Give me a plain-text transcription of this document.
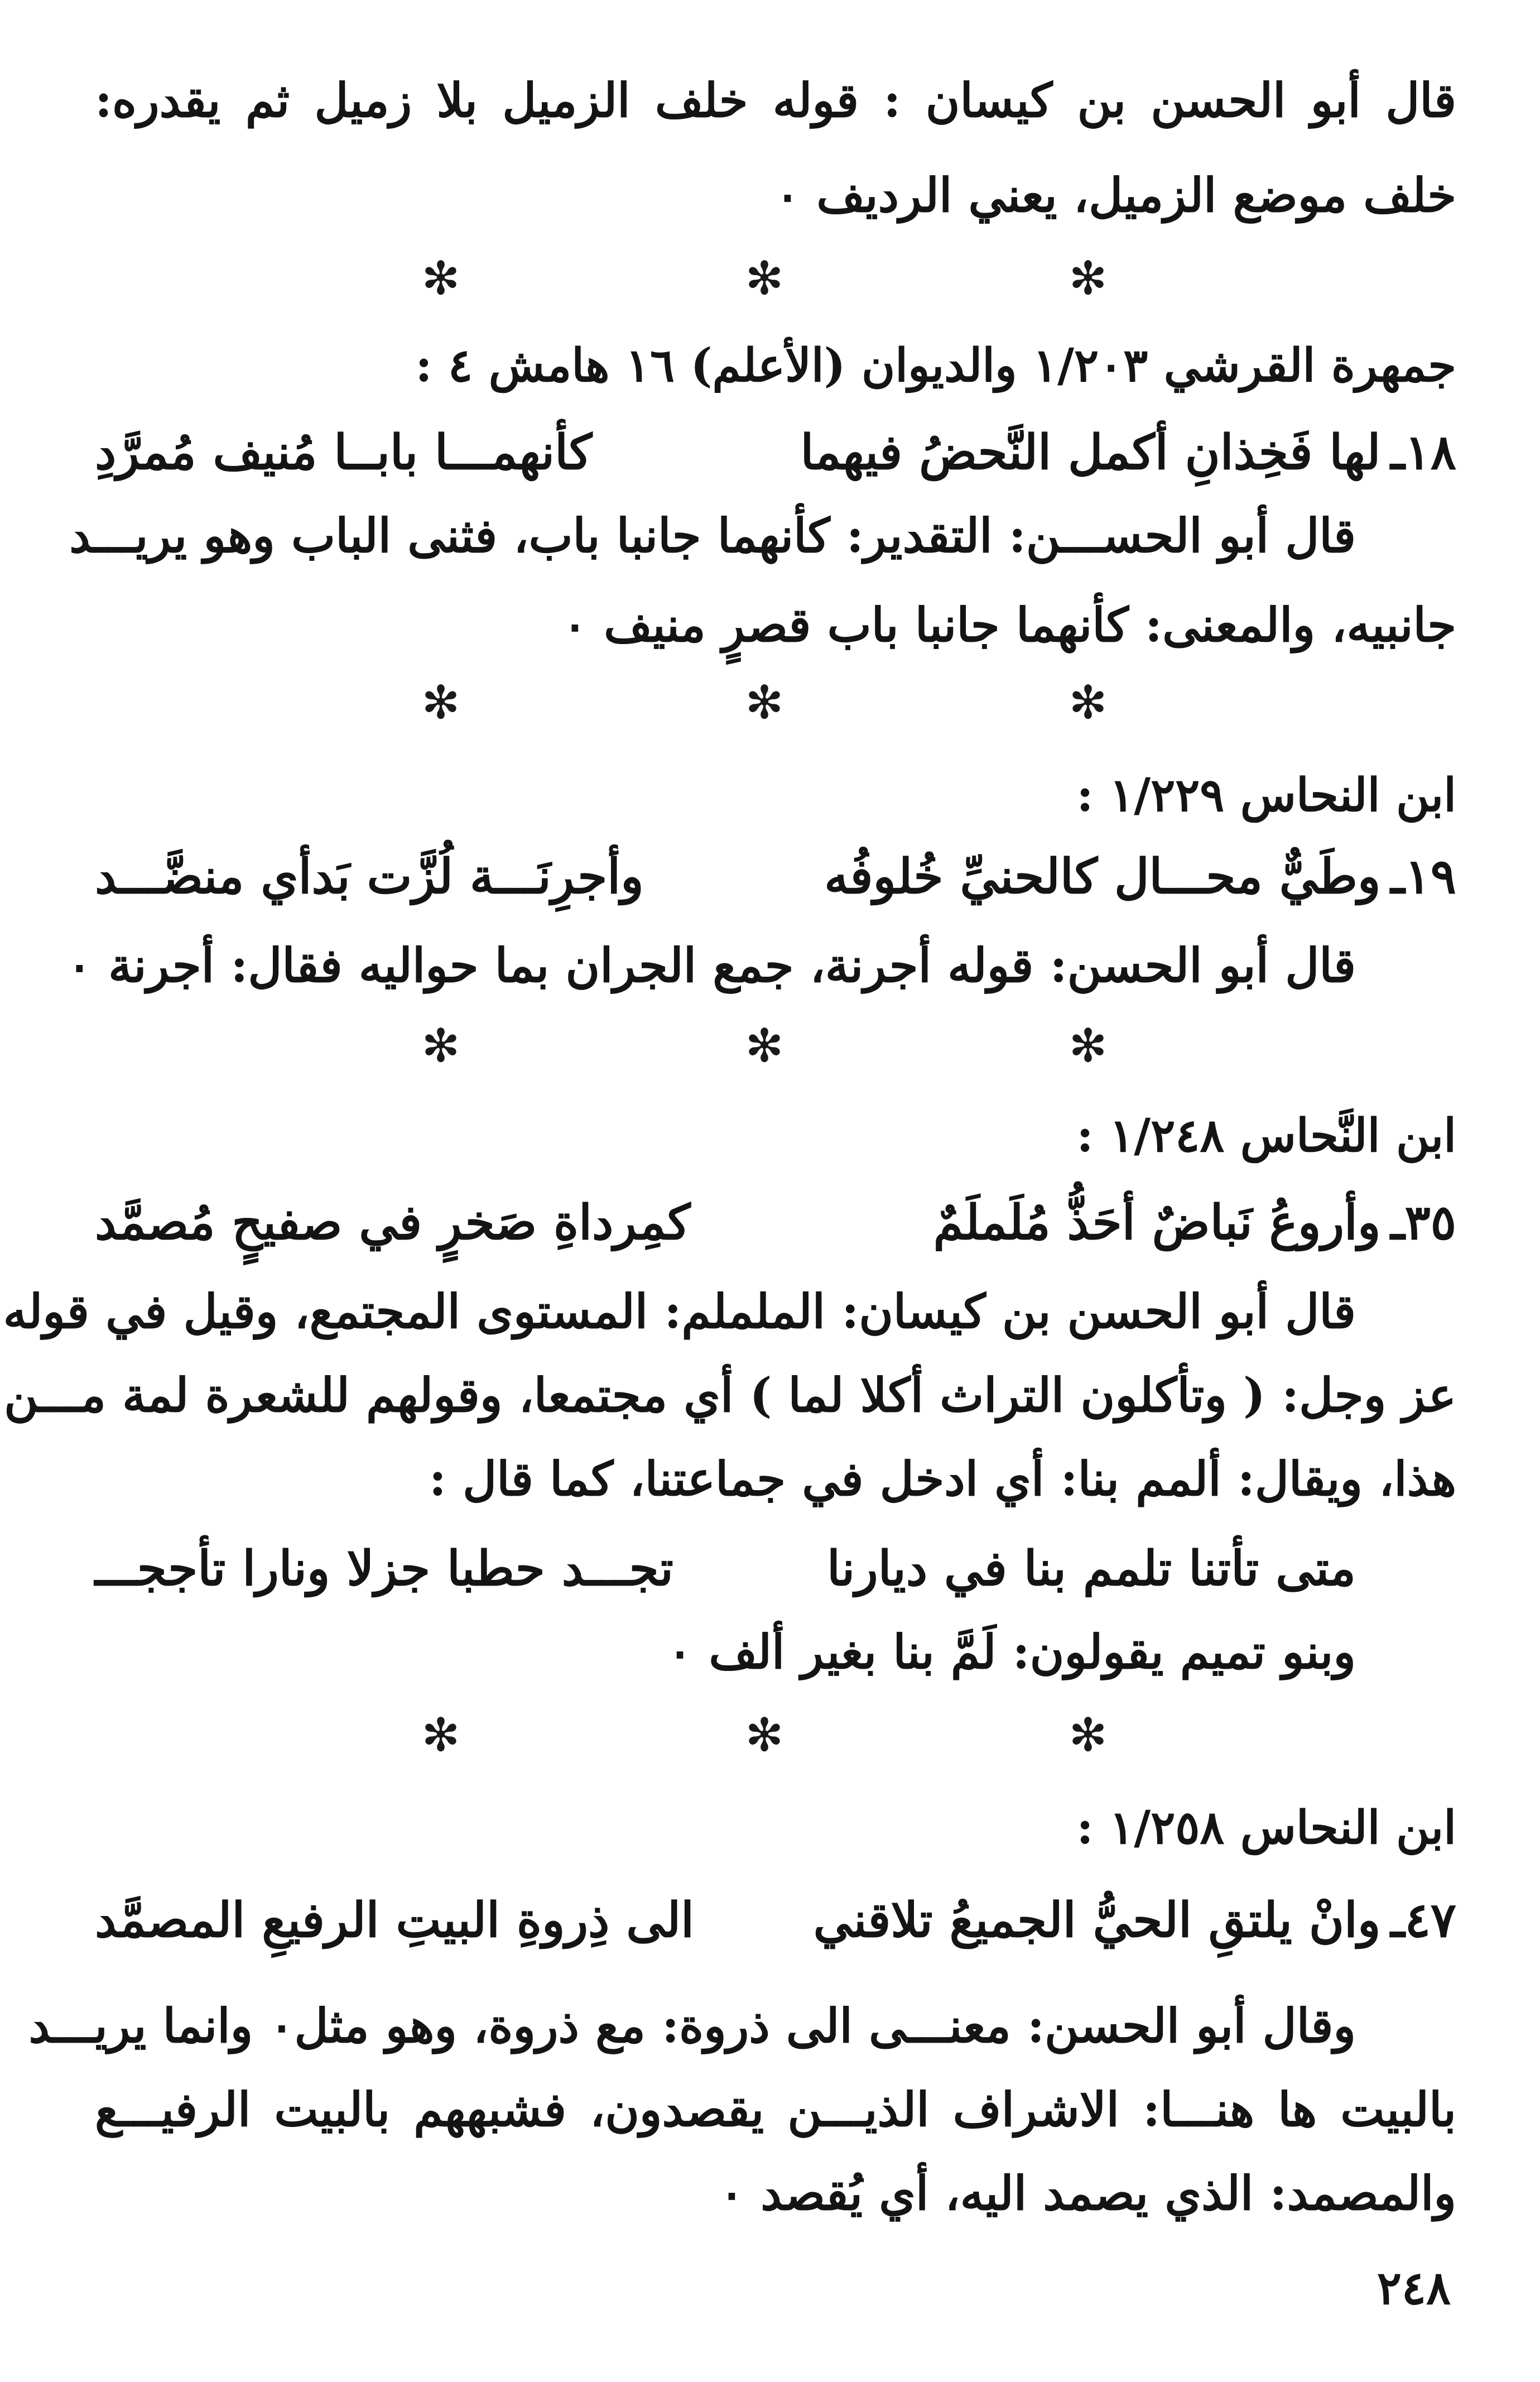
قال أبو الحسن بن كيسان : قوله خلف الزميل بلا زميل ثم يقدره:
خلف موضع الزميل، يعني الرديف ٠
✻	✻	✻
جمهرة القرشي ١/٢٠٣ والديوان (الأعلم) ١٦ هامش ٤ :
١٨ـ
لها فَخِذانِ أكمل النَّحضُ فيهما
كأنهمـــا بابــا مُنيف مُمرَّدِ
قال أبو الحســـن: التقدير: كأنهما جانبا باب، فثنى الباب وهو يريـــد
جانبيه، والمعنى: كأنهما جانبا باب قصرٍ منيف ٠
✻	✻	✻
ابن النحاس ١/٢٢٩ :
١٩ـ
وطَيٌّ محـــال كالحنيِّ خُلوفُه
وأجرِنَـــة لُزَّت بَدأي منضَّـــد
قال أبو الحسن: قوله أجرنة، جمع الجران بما حواليه فقال: أجرنة ٠
✻	✻	✻
ابن النَّحاس ١/٢٤٨ :
٣٥ـ
وأروعُ نَباضٌ أحَذُّ مُلَملَمٌ
كمِرداةِ صَخرٍ في صفيحٍ مُصمَّد
قال أبو الحسن بن كيسان: الململم: المستوى المجتمع، وقيل في قوله
عز وجل: ( وتأكلون التراث أكلا لما ) أي مجتمعا، وقولهم للشعرة لمة مـــن
هذا، ويقال: ألمم بنا: أي ادخل في جماعتنا، كما قال :
متى تأتنا تلمم بنا في ديارنا
تجـــد حطبا جزلا ونارا تأججـــ
وبنو تميم يقولون: لَمَّ بنا بغير ألف ٠
✻	✻	✻
ابن النحاس ١/٢٥٨ :
٤٧ـ
وانْ يلتقِ الحيُّ الجميعُ تلاقني
الى ذِروةِ البيتِ الرفيعِ المصمَّد
وقال أبو الحسن: معنـــى الى ذروة: مع ذروة، وهو مثل٠ وانما يريـــد
بالبيت ها هنـــا: الاشراف الذيـــن يقصدون، فشبههم بالبيت الرفيـــع
والمصمد: الذي يصمد اليه، أي يُقصد ٠
٢٤٨
